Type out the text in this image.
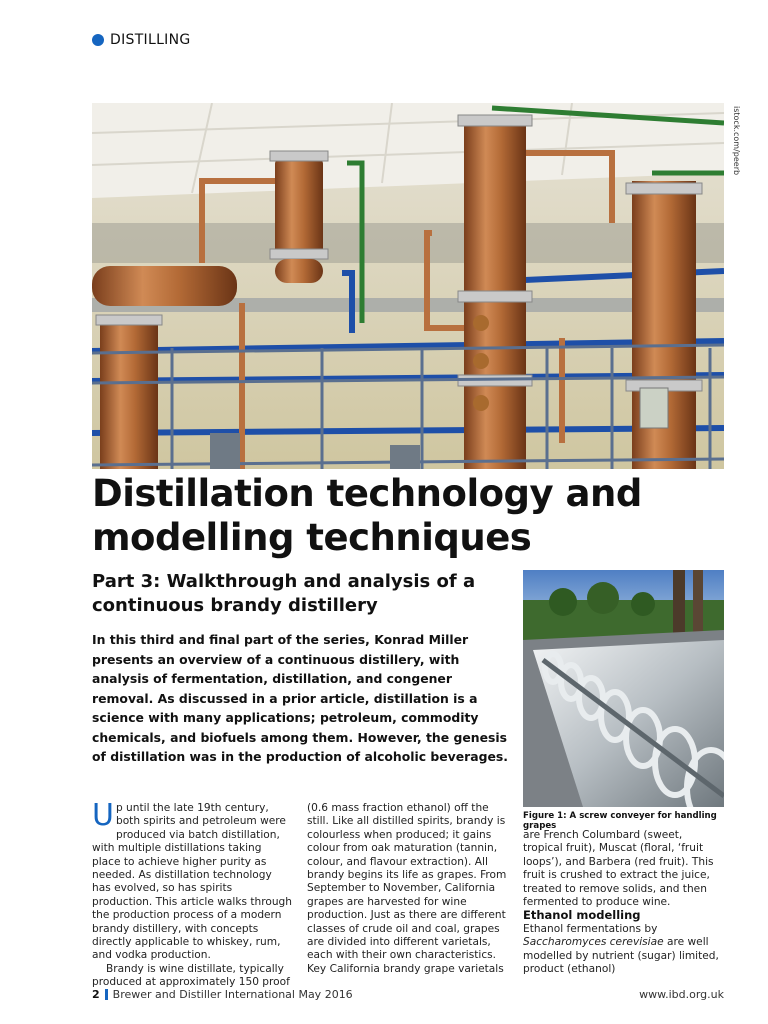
DISTILLING
istock.com/peerb
Distillation technology and modelling techniques
Part 3: Walkthrough and analysis of a continuous brandy distillery

In this third and final part of the series, Konrad Miller presents an overview of a continuous distillery, with analysis of fermentation, distillation, and congener removal. As discussed in a prior article, distillation is a science with many applications; petroleum, commodity chemicals, and biofuels among them. However, the genesis of distillation was in the production of alcoholic beverages.

Figure 1: A screw conveyer for handling grapes

Up until the late 19th century, both spirits and petroleum were produced via batch distillation, with multiple distillations taking place to achieve higher purity as needed. As distillation technology has evolved, so has spirits production. This article walks through the production process of a modern brandy distillery, with concepts directly applicable to whiskey, rum, and vodka production.

Brandy is wine distillate, typically produced at approximately 150 proof

(0.6 mass fraction ethanol) off the still. Like all distilled spirits, brandy is colourless when produced; it gains colour from oak maturation (tannin, colour, and flavour extraction). All brandy begins its life as grapes. From September to November, California grapes are harvested for wine production. Just as there are different classes of crude oil and coal, grapes are divided into different varietals, each with their own characteristics. Key California brandy grape varietals

are French Columbard (sweet, tropical fruit), Muscat (floral, ‘fruit loops’), and Barbera (red fruit). This fruit is crushed to extract the juice, treated to remove solids, and then fermented to produce wine.

Ethanol modelling

Ethanol fermentations by Saccharomyces cerevisiae are well modelled by nutrient (sugar) limited, product (ethanol)

2 Brewer and Distiller International May 2016	www.ibd.org.uk
